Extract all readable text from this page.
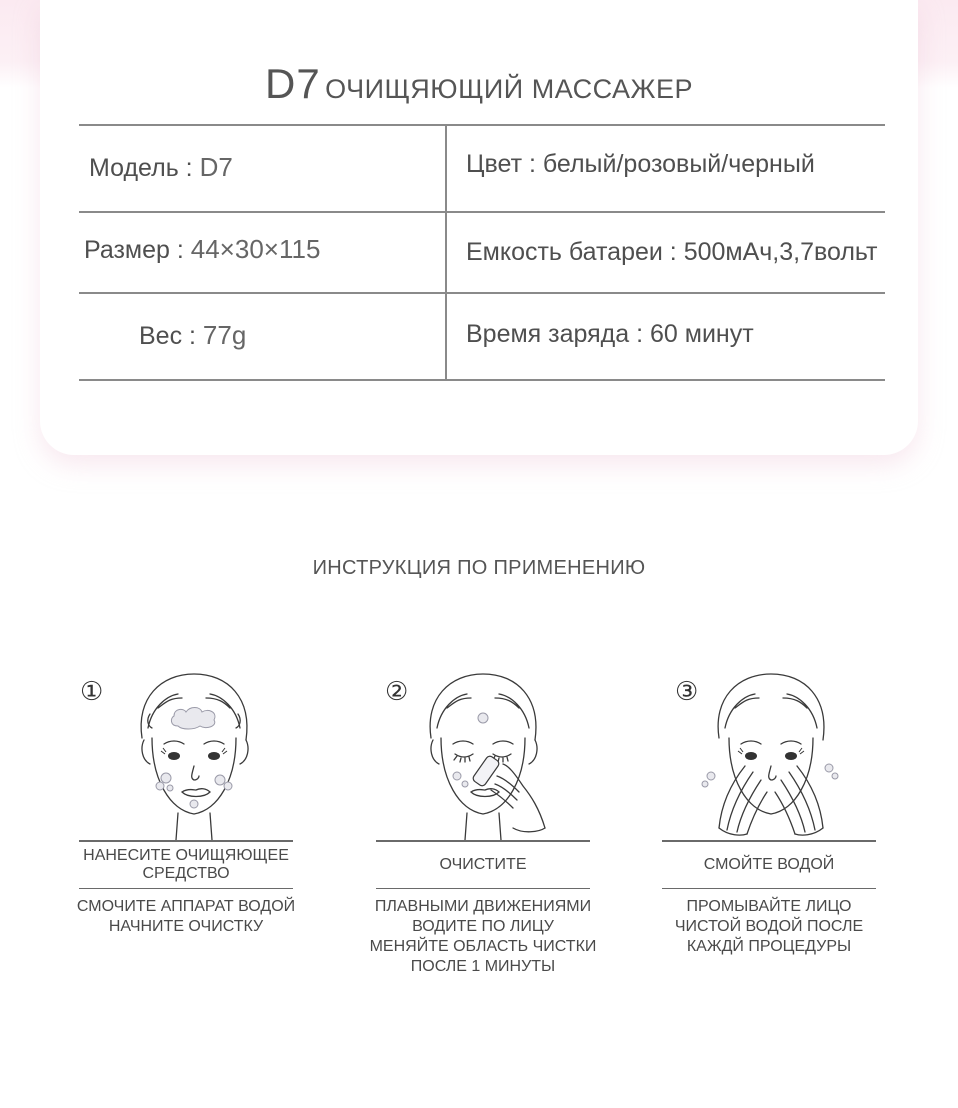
D7 ОЧИЩЯЮЩИЙ МАССАЖЕР
Модель : D7	Цвет : белый/розовый/черный
Размер : 44×30×115	Емкость батареи : 500мАч,3,7вольт
Вес : 77g	Время заряда : 60 минут
ИНСТРУКЦИЯ ПО ПРИМЕНЕНИЮ
①
НАНЕСИТЕ ОЧИЩЯЮЩЕЕ
СРЕДСТВО
СМОЧИТЕ АППАРАТ ВОДОЙ
НАЧНИТЕ ОЧИСТКУ
②
ОЧИСТИТЕ
ПЛАВНЫМИ ДВИЖЕНИЯМИ
ВОДИТЕ ПО ЛИЦУ
МЕНЯЙТЕ ОБЛАСТЬ ЧИСТКИ
ПОСЛЕ 1 МИНУТЫ
③
СМОЙТЕ ВОДОЙ
ПРОМЫВАЙТЕ ЛИЦО
ЧИСТОЙ ВОДОЙ ПОСЛЕ
КАЖДЙ ПРОЦЕДУРЫ
